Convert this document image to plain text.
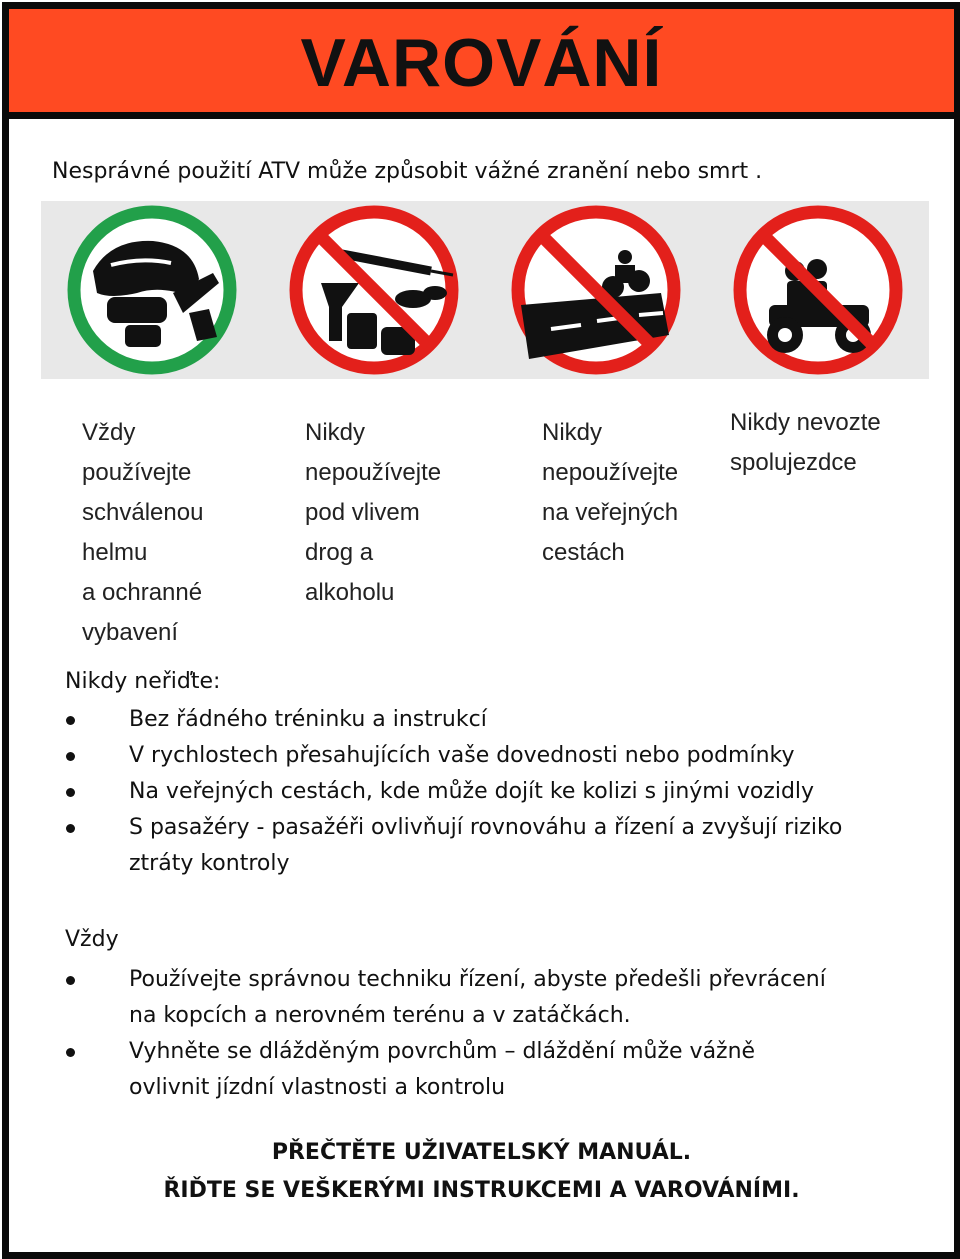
VAROVÁNÍ
Nesprávné použití ATV může způsobit vážné zranění nebo smrt .
Vždy
používejte
schválenou
helmu
a ochranné
vybavení
Nikdy
nepoužívejte
pod vlivem
drog a
alkoholu
Nikdy
nepoužívejte
na veřejných
cestách
Nikdy nevozte
spolujezdce
Nikdy neřiďte:
Bez řádného tréninku a instrukcí
V rychlostech přesahujících vaše dovednosti nebo podmínky
Na veřejných cestách, kde může dojít ke kolizi s jinými vozidly
S pasažéry - pasažéři ovlivňují rovnováhu a řízení a zvyšují riziko ztráty kontroly
Vždy
Používejte správnou techniku řízení, abyste předešli převrácení na kopcích a nerovném terénu a v zatáčkách.
Vyhněte se dlážděným povrchům – dláždění může vážně ovlivnit jízdní vlastnosti a kontrolu
PŘEČTĚTE UŽIVATELSKÝ MANUÁL.
ŘIĎTE SE VEŠKERÝMI INSTRUKCEMI A VAROVÁNÍMI.
